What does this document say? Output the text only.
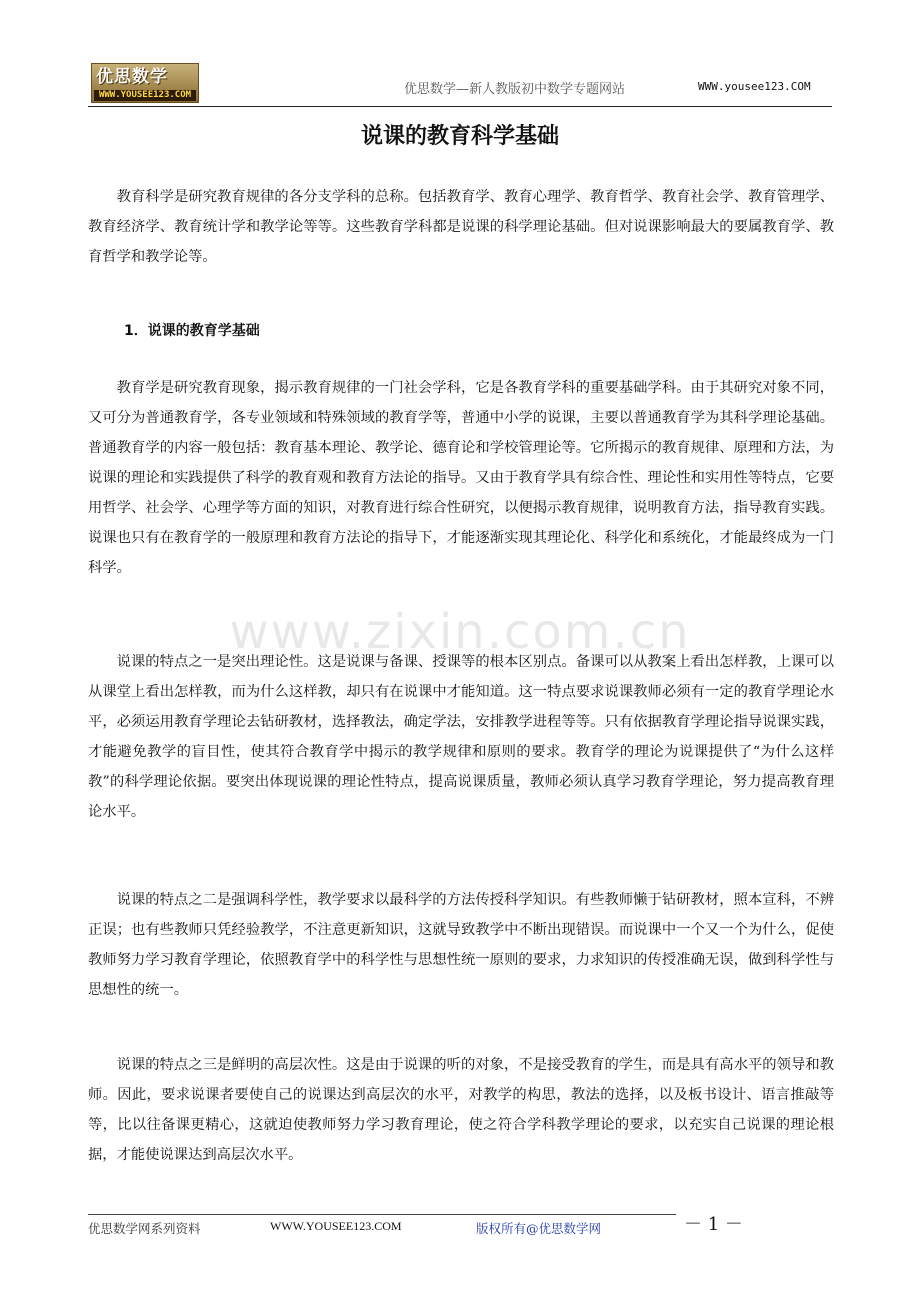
优思数学
WWW.YOUSEE123.COM	优思数学—新人教版初中数学专题网站	WWW.yousee123.COM
说课的教育科学基础

教育科学是研究教育规律的各分支学科的总称。包括教育学、教育心理学、教育哲学、教育社会学、教育管理学、教育经济学、教育统计学和教学论等等。这些教育学科都是说课的科学理论基础。但对说课影响最大的要属教育学、教育哲学和教学论等。

1．说课的教育学基础

教育学是研究教育现象，揭示教育规律的一门社会学科，它是各教育学科的重要基础学科。由于其研究对象不同，又可分为普通教育学，各专业领域和特殊领域的教育学等，普通中小学的说课，主要以普通教育学为其科学理论基础。普通教育学的内容一般包括：教育基本理论、教学论、德育论和学校管理论等。它所揭示的教育规律、原理和方法，为说课的理论和实践提供了科学的教育观和教育方法论的指导。又由于教育学具有综合性、理论性和实用性等特点，它要用哲学、社会学、心理学等方面的知识，对教育进行综合性研究，以便揭示教育规律，说明教育方法，指导教育实践。说课也只有在教育学的一般原理和教育方法论的指导下，才能逐渐实现其理论化、科学化和系统化，才能最终成为一门科学。

www.zixin.com.cn

说课的特点之一是突出理论性。这是说课与备课、授课等的根本区别点。备课可以从教案上看出怎样教，上课可以从课堂上看出怎样教，而为什么这样教，却只有在说课中才能知道。这一特点要求说课教师必须有一定的教育学理论水平，必须运用教育学理论去钻研教材，选择教法，确定学法，安排教学进程等等。只有依据教育学理论指导说课实践，才能避免教学的盲目性，使其符合教育学中揭示的教学规律和原则的要求。教育学的理论为说课提供了“为什么这样教”的科学理论依据。要突出体现说课的理论性特点，提高说课质量，教师必须认真学习教育学理论，努力提高教育理论水平。

说课的特点之二是强调科学性，教学要求以最科学的方法传授科学知识。有些教师懒于钻研教材，照本宣科，不辨正误；也有些教师只凭经验教学，不注意更新知识，这就导致教学中不断出现错误。而说课中一个又一个为什么，促使教师努力学习教育学理论，依照教育学中的科学性与思想性统一原则的要求，力求知识的传授准确无误，做到科学性与思想性的统一。

说课的特点之三是鲜明的高层次性。这是由于说课的听的对象，不是接受教育的学生，而是具有高水平的领导和教师。因此，要求说课者要使自己的说课达到高层次的水平，对教学的构思，教法的选择，以及板书设计、语言推敲等等，比以往备课更精心，这就迫使教师努力学习教育理论，使之符合学科教学理论的要求，以充实自己说课的理论根据，才能使说课达到高层次水平。

优思数学网系列资料	WWW.YOUSEE123.COM	版权所有@优思数学网	－ 1 －
